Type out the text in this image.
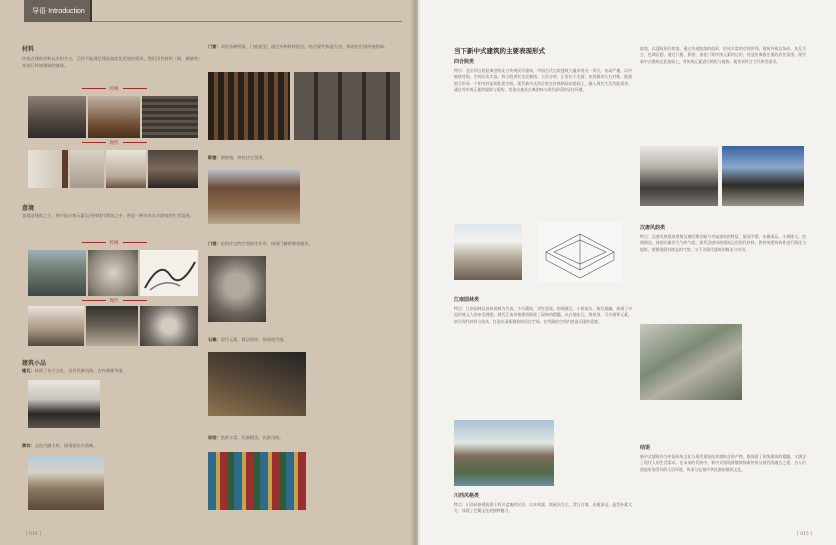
导语 Introduction
材料
传统古建筑材料以木构为主，已经不能满足建筑高度化发展的需求，我们用代材料（钢、玻璃等）来进行传统建筑的演绎。
传统
现代
意境
意境是建筑之主，将中国古典元素运用到现代建筑之中，营造一种具有东方韵味的生活氛围。
传统
现代
建筑小品
檐瓦：体现了东方文化，具有民族风格，古朴典雅华丽。
牌坊：文化内涵丰厚，体现着东方韵味。
门窗：采用各种图案，门窗造型，通过多种材料组合，结合现代构造方法，体现出中国传统韵味。
影壁：照壁墙，烘托住宅氛围。
门楼：起到住宅的空间界定作用，体现门楣的尊贵地位。
石雕：现代元素，简洁明快，体现现代感。
彩绘：色彩丰富，绘画精美，民族风格。
[ 014 ]
当下新中式建筑的主要表现形式
四合院类
特点：北京四合院是典型的北方传统民居建筑，中国古代宅院建筑大量采用这一形式，布局严谨，以中轴线对称，空间层次丰富。四合院讲究坐北朝南，主次分明，正房位于北面，东西厢房左右对称，院落围合形成一个相对封闭的私密空间。现代新中式四合院在传统格局的基础上，融入现代生活功能需求，通过对传统元素的提炼与重构，营造出兼具古典韵味与现代舒适的居住环境。
江南园林类
特点：江南园林以苏州园林为代表，小巧精致，讲究意境。粉墙黛瓦、小桥流水、曲径通幽，体现了中国传统文人的审美理想。现代江南风格建筑吸收了园林的精髓，以白墙灰瓦、坡屋顶、马头墙等元素，结合现代材料与技术，打造出清新雅致的居住空间，在有限的空间内营造无限的意境。
川西风格类
特点：川西风格建筑源于四川盆地的民居，以木构架、坡屋顶为主，青瓦白墙，出檐深远，造型朴素大方，体现了巴蜀文化的独特魅力。
院落，以建筑围合院落，通过多进院落的组织，形成丰富的空间序列。建筑外观以灰砖、灰瓦为主，色调沉稳，通过门楼、影壁、垂花门等传统元素的运用，营造出典雅庄重的居住氛围。现代新中式建筑在此基础上，对传统元素进行简化与提炼，使其更符合当代审美需求。
汉唐风韵类
特点：汉唐风格建筑借鉴汉唐时期宫殿与寺庙建筑的特征，屋顶平缓、出檐深远、斗拱硕大、色调简洁，体现出雄浑大气的气度。现代汉唐风格建筑运用现代材料，将传统建筑构件进行简化与提炼，使建筑既有恢弘的气势，又不失现代建筑的简洁与实用。
结语
新中式建筑作为中国传统文化与现代建筑技术相结合的产物，既保留了传统建筑的精髓，又满足了现代人的生活需求。在未来的发展中，新中式建筑将继续探索传统与现代的融合之道，为人们创造更加美好的人居环境，传承与弘扬中华民族的建筑文化。
[ 015 ]
